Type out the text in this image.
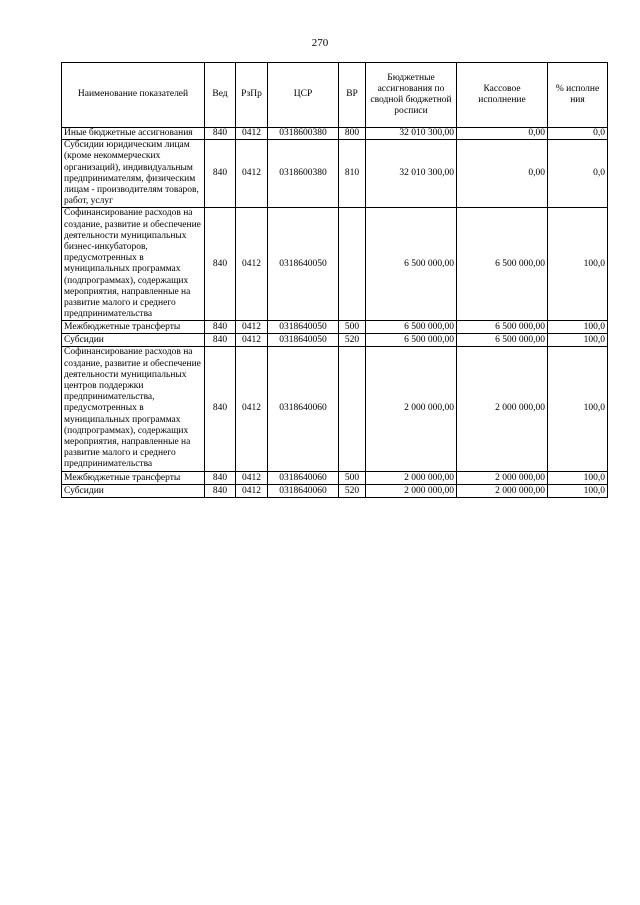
270
Наименование показателей	Вед	РзПр	ЦСР	ВР	Бюджетные ассигнования по сводной бюджетной росписи	Кассовое исполнение	% исполне ния
Иные бюджетные ассигнования	840	0412	0318600380	800	32 010 300,00	0,00	0,0
Субсидии юридическим лицам (кроме некоммерческих организаций), индивидуальным предпринимателям, физическим лицам - производителям товаров, работ, услуг	840	0412	0318600380	810	32 010 300,00	0,00	0,0
Софинансирование расходов на создание, развитие и обеспечение деятельности муниципальных бизнес-инкубаторов, предусмотренных в муниципальных программах (подпрограммах), содержащих мероприятия, направленные на развитие малого и среднего предпринимательства	840	0412	0318640050		6 500 000,00	6 500 000,00	100,0
Межбюджетные трансферты	840	0412	0318640050	500	6 500 000,00	6 500 000,00	100,0
Субсидии	840	0412	0318640050	520	6 500 000,00	6 500 000,00	100,0
Софинансирование расходов на создание, развитие и обеспечение деятельности муниципальных центров поддержки предпринимательства, предусмотренных в муниципальных программах (подпрограммах), содержащих мероприятия, направленные на развитие малого и среднего предпринимательства	840	0412	0318640060		2 000 000,00	2 000 000,00	100,0
Межбюджетные трансферты	840	0412	0318640060	500	2 000 000,00	2 000 000,00	100,0
Субсидии	840	0412	0318640060	520	2 000 000,00	2 000 000,00	100,0
